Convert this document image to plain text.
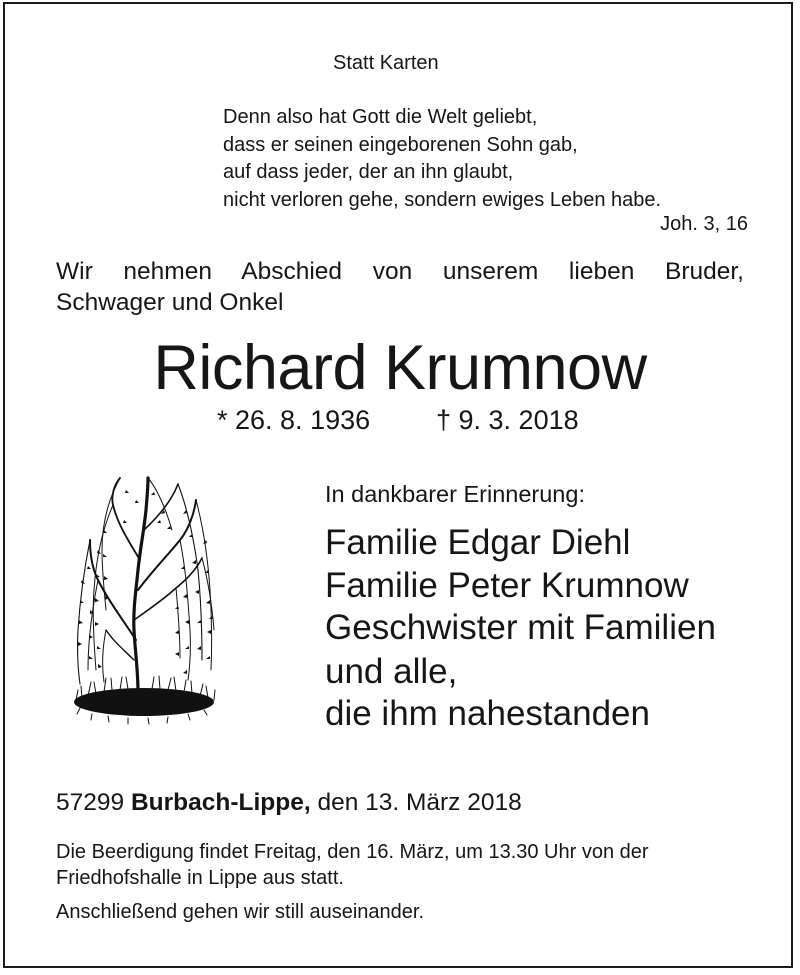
Statt Karten
Denn also hat Gott die Welt geliebt,
dass er seinen eingeborenen Sohn gab,
auf dass jeder, der an ihn glaubt,
nicht verloren gehe, sondern ewiges Leben habe.
Joh. 3, 16
Wir nehmen Abschied von unserem lieben Bruder,
Schwager und Onkel
Richard Krumnow
* 26. 8. 1936 † 9. 3. 2018
In dankbarer Erinnerung:
Familie Edgar Diehl
Familie Peter Krumnow
Geschwister mit Familien
und alle,
die ihm nahestanden
57299 Burbach-Lippe, den 13. März 2018
Die Beerdigung findet Freitag, den 16. März, um 13.30 Uhr von der
Friedhofshalle in Lippe aus statt.
Anschließend gehen wir still auseinander.
